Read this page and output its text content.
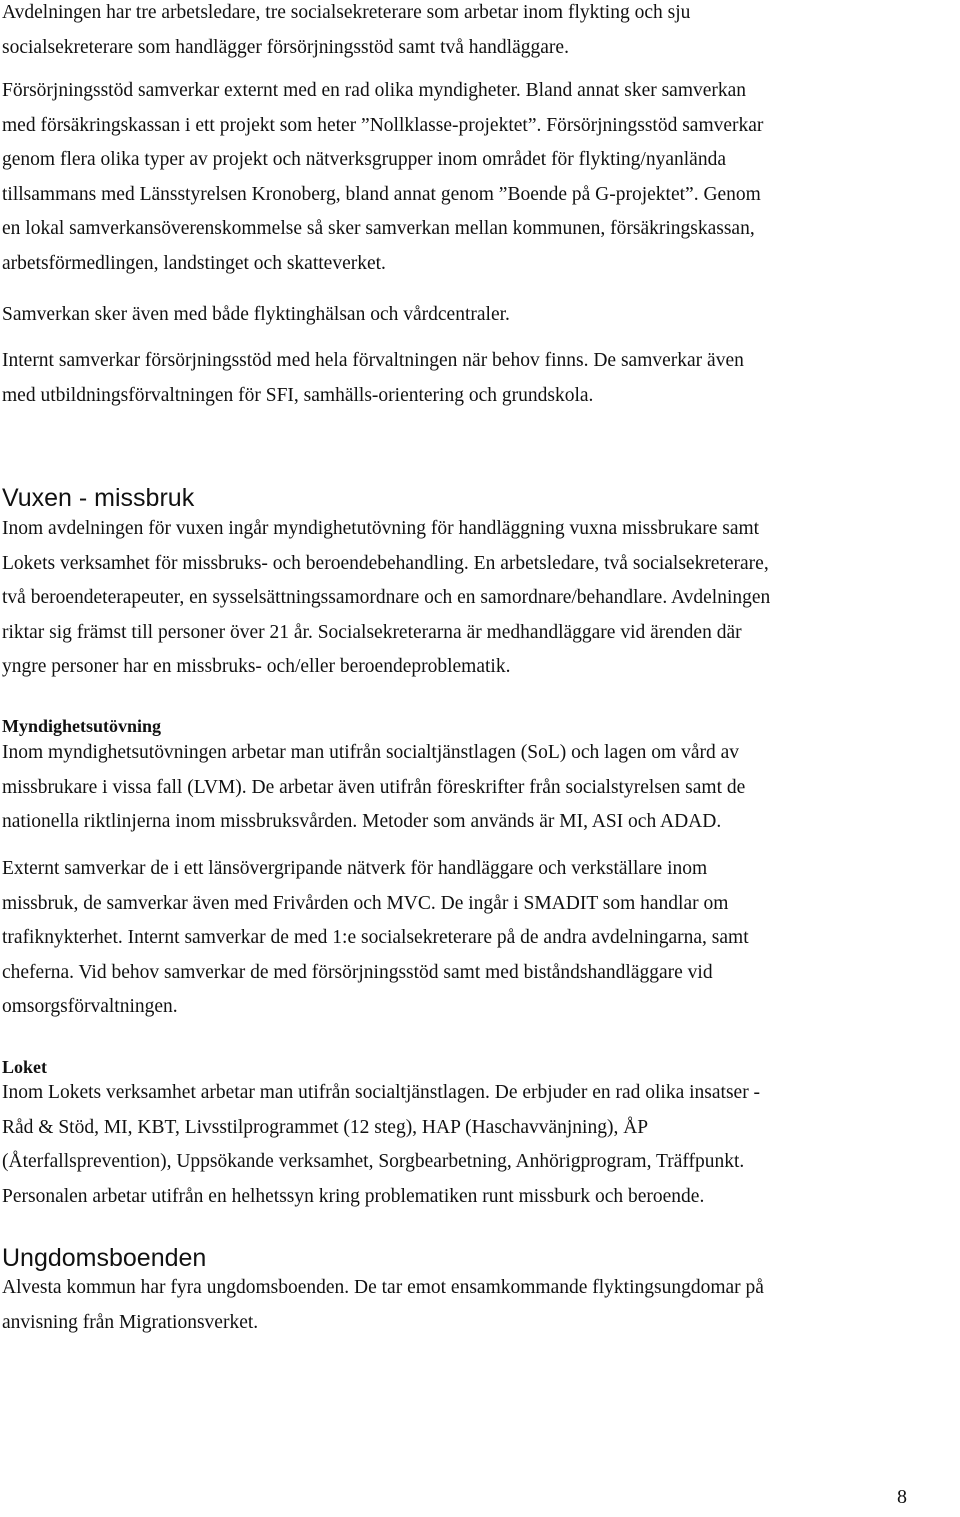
Avdelningen har tre arbetsledare, tre socialsekreterare som arbetar inom flykting och sju
socialsekreterare som handlägger försörjningsstöd samt två handläggare.
Försörjningsstöd samverkar externt med en rad olika myndigheter. Bland annat sker samverkan
med försäkringskassan i ett projekt som heter ”Nollklasse-projektet”. Försörjningsstöd samverkar
genom flera olika typer av projekt och nätverksgrupper inom området för flykting/nyanlända
tillsammans med Länsstyrelsen Kronoberg, bland annat genom ”Boende på G-projektet”. Genom
en lokal samverkansöverenskommelse så sker samverkan mellan kommunen, försäkringskassan,
arbetsförmedlingen, landstinget och skatteverket.
Samverkan sker även med både flyktinghälsan och vårdcentraler.
Internt samverkar försörjningsstöd med hela förvaltningen när behov finns. De samverkar även
med utbildningsförvaltningen för SFI, samhälls-orientering och grundskola.
Vuxen - missbruk
Inom avdelningen för vuxen ingår myndighetutövning för handläggning vuxna missbrukare samt
Lokets verksamhet för missbruks- och beroendebehandling. En arbetsledare, två socialsekreterare,
två beroendeterapeuter, en sysselsättningssamordnare och en samordnare/behandlare. Avdelningen
riktar sig främst till personer över 21 år. Socialsekreterarna är medhandläggare vid ärenden där
yngre personer har en missbruks- och/eller beroendeproblematik.
Myndighetsutövning
Inom myndighetsutövningen arbetar man utifrån socialtjänstlagen (SoL) och lagen om vård av
missbrukare i vissa fall (LVM). De arbetar även utifrån föreskrifter från socialstyrelsen samt de
nationella riktlinjerna inom missbruksvården. Metoder som används är MI, ASI och ADAD.
Externt samverkar de i ett länsövergripande nätverk för handläggare och verkställare inom
missbruk, de samverkar även med Frivården och MVC. De ingår i SMADIT som handlar om
trafiknykterhet. Internt samverkar de med 1:e socialsekreterare på de andra avdelningarna, samt
cheferna. Vid behov samverkar de med försörjningsstöd samt med biståndshandläggare vid
omsorgsförvaltningen.
Loket
Inom Lokets verksamhet arbetar man utifrån socialtjänstlagen. De erbjuder en rad olika insatser -
Råd & Stöd, MI, KBT, Livsstilprogrammet (12 steg), HAP (Haschavvänjning), ÅP
(Återfallsprevention), Uppsökande verksamhet, Sorgbearbetning, Anhörigprogram, Träffpunkt.
Personalen arbetar utifrån en helhetssyn kring problematiken runt missburk och beroende.
Ungdomsboenden
Alvesta kommun har fyra ungdomsboenden. De tar emot ensamkommande flyktingsungdomar på
anvisning från Migrationsverket.
8
